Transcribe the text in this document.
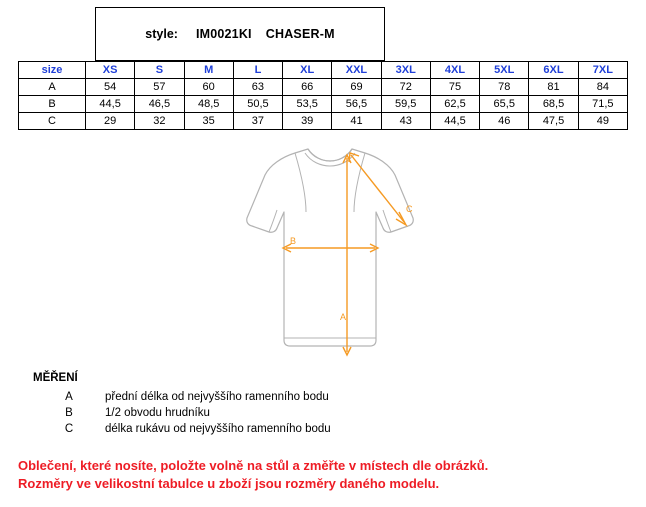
style: IM0021KI CHASER-M
size	XS	S	M	L	XL	XXL	3XL	4XL	5XL	6XL	7XL
A	54	57	60	63	66	69	72	75	78	81	84
B	44,5	46,5	48,5	50,5	53,5	56,5	59,5	62,5	65,5	68,5	71,5
C	29	32	35	37	39	41	43	44,5	46	47,5	49
A
B
C
MĚŘENÍ
A	přední délka od nejvyššího ramenního bodu
B	1/2 obvodu hrudníku
C	délka rukávu od nejvyššího ramenního bodu
Oblečení, které nosíte, položte volně na stůl a změřte v místech dle obrázků.
Rozměry ve velikostní tabulce u zboží jsou rozměry daného modelu.
